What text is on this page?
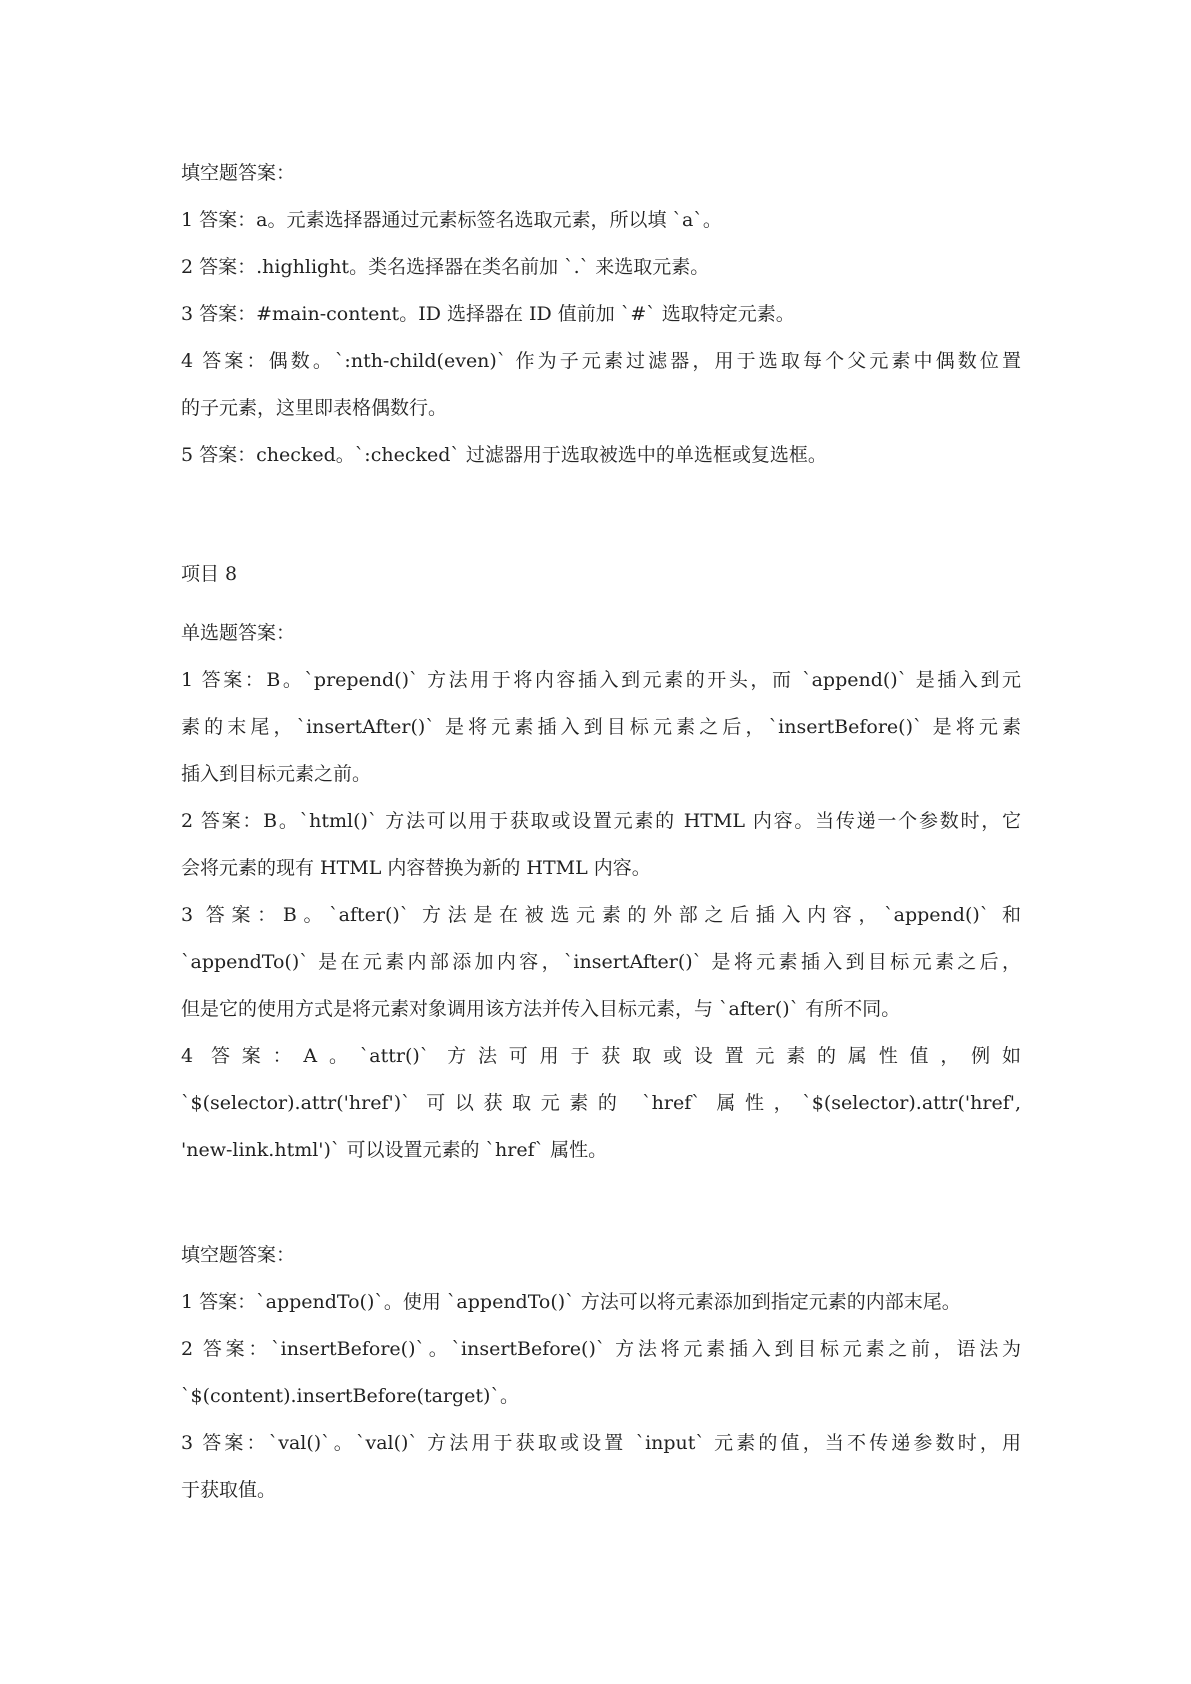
填空题答案：
1 答案：a。元素选择器通过元素标签名选取元素，所以填 `a`。
2 答案：.highlight。类名选择器在类名前加 `.` 来选取元素。
3 答案：#main-content。ID 选择器在 ID 值前加 `#` 选取特定元素。
4 答案：偶数。`:nth-child(even)` 作为子元素过滤器，用于选取每个父元素中偶数位置
的子元素，这里即表格偶数行。
5 答案：checked。`:checked` 过滤器用于选取被选中的单选框或复选框。
项目 8
单选题答案：
1 答案：B。`prepend()` 方法用于将内容插入到元素的开头，而 `append()` 是插入到元
素的末尾，`insertAfter()` 是将元素插入到目标元素之后，`insertBefore()` 是将元素
插入到目标元素之前。
2 答案：B。`html()` 方法可以用于获取或设置元素的 HTML 内容。当传递一个参数时，它
会将元素的现有 HTML 内容替换为新的 HTML 内容。
3 答案：B。`after()` 方法是在被选元素的外部之后插入内容，`append()` 和
`appendTo()` 是在元素内部添加内容，`insertAfter()` 是将元素插入到目标元素之后，
但是它的使用方式是将元素对象调用该方法并传入目标元素，与 `after()` 有所不同。
4 答案：A。`attr()` 方法可用于获取或设置元素的属性值，例如
`$(selector).attr('href')` 可以获取元素的 `href` 属性，`$(selector).attr('href',
'new-link.html')` 可以设置元素的 `href` 属性。
填空题答案：
1 答案：`appendTo()`。使用 `appendTo()` 方法可以将元素添加到指定元素的内部末尾。
2 答案：`insertBefore()`。`insertBefore()` 方法将元素插入到目标元素之前，语法为
`$(content).insertBefore(target)`。
3 答案：`val()`。`val()` 方法用于获取或设置 `input` 元素的值，当不传递参数时，用
于获取值。
